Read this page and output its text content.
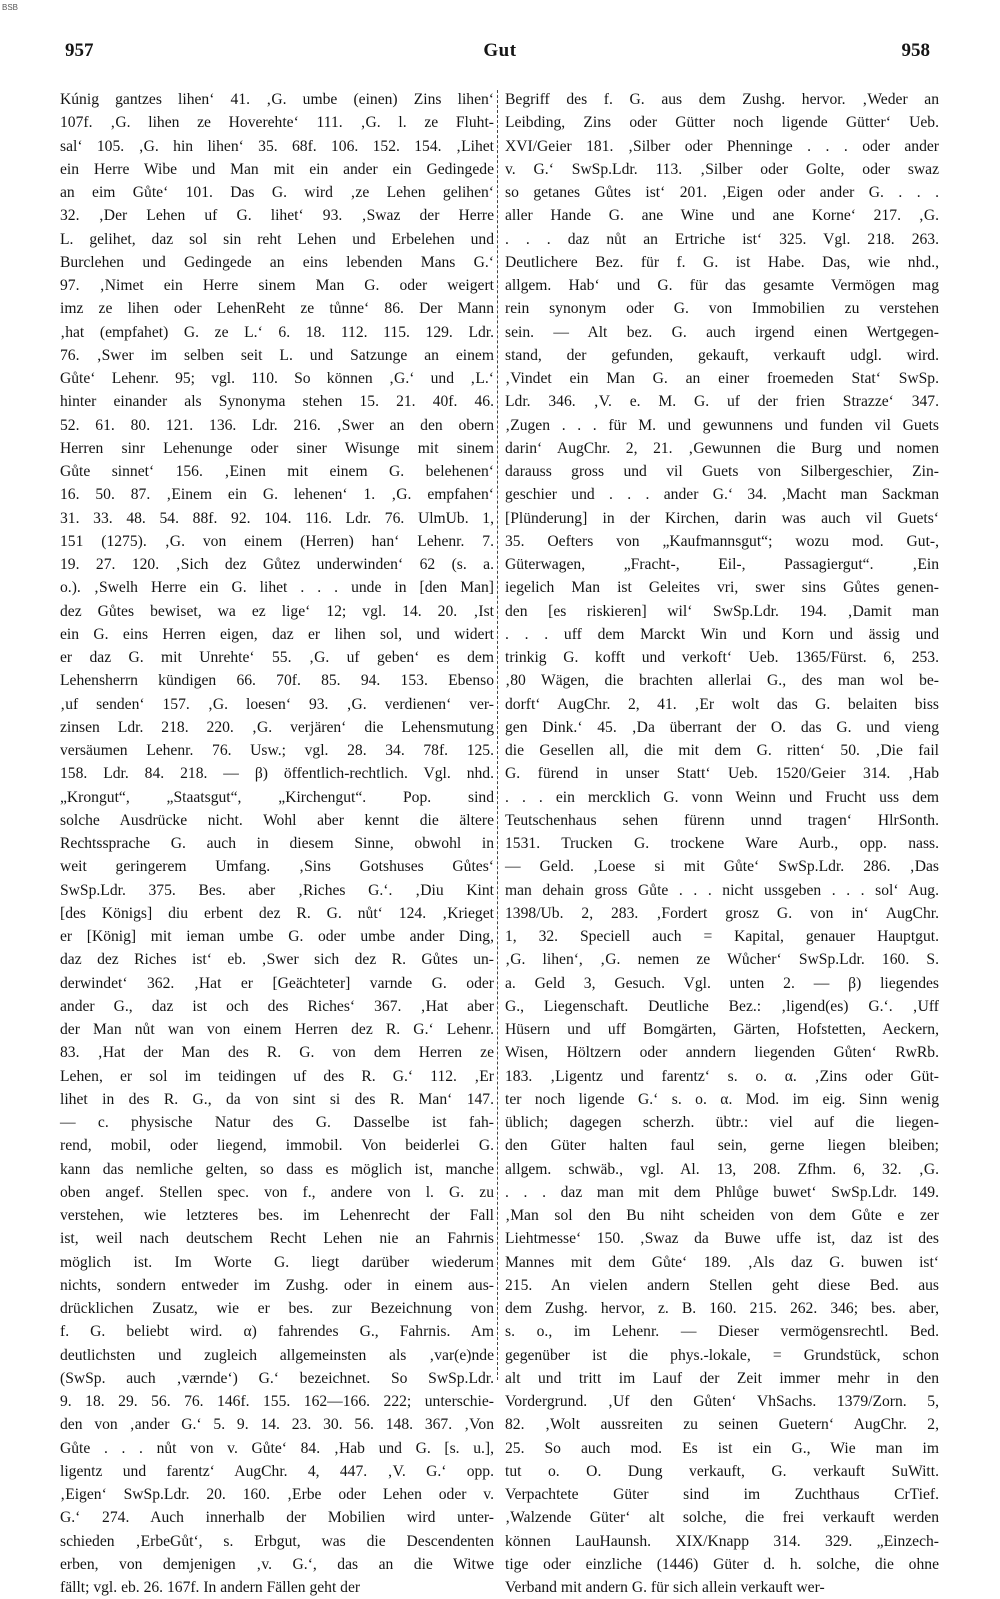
BSB
957	Gut	958
Kúnig gantzes lihen‘ 41. ‚G. umbe (einen) Zins lihen‘
107f. ‚G. lihen ze Hoverehte‘ 111. ‚G. l. ze Fluht-
sal‘ 105. ‚G. hin lihen‘ 35. 68f. 106. 152. 154. ‚Lihet
ein Herre Wibe und Man mit ein ander ein Gedingede
an eim Gůte‘ 101. Das G. wird ‚ze Lehen gelihen‘
32. ‚Der Lehen uf G. lihet‘ 93. ‚Swaz der Herre
L. gelihet, daz sol sin reht Lehen und Erbelehen und
Burclehen und Gedingede an eins lebenden Mans G.‘
97. ‚Nimet ein Herre sinem Man G. oder weigert
imz ze lihen oder LehenReht ze tůnne‘ 86. Der Mann
‚hat (empfahet) G. ze L.‘ 6. 18. 112. 115. 129. Ldr.
76. ‚Swer im selben seit L. und Satzunge an einem
Gůte‘ Lehenr. 95; vgl. 110. So können ‚G.‘ und ‚L.‘
hinter einander als Synonyma stehen 15. 21. 40f. 46.
52. 61. 80. 121. 136. Ldr. 216. ‚Swer an den obern
Herren sinr Lehenunge oder siner Wisunge mit sinem
Gůte sinnet‘ 156. ‚Einen mit einem G. belehenen‘
16. 50. 87. ‚Einem ein G. lehenen‘ 1. ‚G. empfahen‘
31. 33. 48. 54. 88f. 92. 104. 116. Ldr. 76. UlmUb. 1,
151 (1275). ‚G. von einem (Herren) han‘ Lehenr. 7.
19. 27. 120. ‚Sich dez Gůtez underwinden‘ 62 (s. a.
o.). ‚Swelh Herre ein G. lihet . . . unde in [den Man]
dez Gůtes bewiset, wa ez lige‘ 12; vgl. 14. 20. ‚Ist
ein G. eins Herren eigen, daz er lihen sol, und widert
er daz G. mit Unrehte‘ 55. ‚G. uf geben‘ es dem
Lehensherrn kündigen 66. 70f. 85. 94. 153. Ebenso
‚uf senden‘ 157. ‚G. loesen‘ 93. ‚G. verdienen‘ ver-
zinsen Ldr. 218. 220. ‚G. verjären‘ die Lehensmutung
versäumen Lehenr. 76. Usw.; vgl. 28. 34. 78f. 125.
158. Ldr. 84. 218. — β) öffentlich-rechtlich. Vgl. nhd.
„Krongut“, „Staatsgut“, „Kirchengut“. Pop. sind
solche Ausdrücke nicht. Wohl aber kennt die ältere
Rechtssprache G. auch in diesem Sinne, obwohl in
weit geringerem Umfang. ‚Sins Gotshuses Gůtes‘
SwSp.Ldr. 375. Bes. aber ‚Riches G.‘. ‚Diu Kint
[des Königs] diu erbent dez R. G. nůt‘ 124. ‚Krieget
er [König] mit ieman umbe G. oder umbe ander Ding,
daz dez Riches ist‘ eb. ‚Swer sich dez R. Gůtes un-
derwindet‘ 362. ‚Hat er [Geächteter] varnde G. oder
ander G., daz ist och des Riches‘ 367. ‚Hat aber
der Man nůt wan von einem Herren dez R. G.‘ Lehenr.
83. ‚Hat der Man des R. G. von dem Herren ze
Lehen, er sol im teidingen uf des R. G.‘ 112. ‚Er
lihet in des R. G., da von sint si des R. Man‘ 147.
— c. physische Natur des G. Dasselbe ist fah-
rend, mobil, oder liegend, immobil. Von beiderlei G.
kann das nemliche gelten, so dass es möglich ist, manche
oben angef. Stellen spec. von f., andere von l. G. zu
verstehen, wie letzteres bes. im Lehenrecht der Fall
ist, weil nach deutschem Recht Lehen nie an Fahrnis
möglich ist. Im Worte G. liegt darüber wiederum
nichts, sondern entweder im Zushg. oder in einem aus-
drücklichen Zusatz, wie er bes. zur Bezeichnung von
f. G. beliebt wird. α) fahrendes G., Fahrnis. Am
deutlichsten und zugleich allgemeinsten als ‚var(e)nde
(SwSp. auch ‚værnde‘) G.‘ bezeichnet. So SwSp.Ldr.
9. 18. 29. 56. 76. 146f. 155. 162—166. 222; unterschie-
den von ‚ander G.‘ 5. 9. 14. 23. 30. 56. 148. 367. ‚Von
Gůte . . . nůt von v. Gůte‘ 84. ‚Hab und G. [s. u.],
ligentz und farentz‘ AugChr. 4, 447. ‚V. G.‘ opp.
‚Eigen‘ SwSp.Ldr. 20. 160. ‚Erbe oder Lehen oder v.
G.‘ 274. Auch innerhalb der Mobilien wird unter-
schieden ‚ErbeGůt‘, s. Erbgut, was die Descendenten
erben, von demjenigen ‚v. G.‘, das an die Witwe
fällt; vgl. eb. 26. 167f. In andern Fällen geht der
Begriff des f. G. aus dem Zushg. hervor. ‚Weder an
Leibding, Zins oder Gütter noch ligende Gütter‘ Ueb.
XVI/Geier 181. ‚Silber oder Phenninge . . . oder ander
v. G.‘ SwSp.Ldr. 113. ‚Silber oder Golte, oder swaz
so getanes Gůtes ist‘ 201. ‚Eigen oder ander G. . . .
aller Hande G. ane Wine und ane Korne‘ 217. ‚G.
. . . daz nůt an Ertriche ist‘ 325. Vgl. 218. 263.
Deutlichere Bez. für f. G. ist Habe. Das, wie nhd.,
allgem. Hab‘ und G. für das gesamte Vermögen mag
rein synonym oder G. von Immobilien zu verstehen
sein. — Alt bez. G. auch irgend einen Wertgegen-
stand, der gefunden, gekauft, verkauft udgl. wird.
‚Vindet ein Man G. an einer froemeden Stat‘ SwSp.
Ldr. 346. ‚V. e. M. G. uf der frien Strazze‘ 347.
‚Zugen . . . für M. und gewunnens und funden vil Guets
darin‘ AugChr. 2, 21. ‚Gewunnen die Burg und nomen
darauss gross und vil Guets von Silbergeschier, Zin-
geschier und . . . ander G.‘ 34. ‚Macht man Sackman
[Plünderung] in der Kirchen, darin was auch vil Guets‘
35. Oefters von „Kaufmannsgut“; wozu mod. Gut-,
Güterwagen, „Fracht-, Eil-, Passagiergut“. ‚Ein
iegelich Man ist Geleites vri, swer sins Gůtes genen-
den [es riskieren] wil‘ SwSp.Ldr. 194. ‚Damit man
. . . uff dem Marckt Win und Korn und ässig und
trinkig G. kofft und verkoft‘ Ueb. 1365/Fürst. 6, 253.
‚80 Wägen, die brachten allerlai G., des man wol be-
dorft‘ AugChr. 2, 41. ‚Er wolt das G. belaiten biss
gen Dink.‘ 45. ‚Da überrant der O. das G. und vieng
die Gesellen all, die mit dem G. ritten‘ 50. ‚Die fail
G. fürend in unser Statt‘ Ueb. 1520/Geier 314. ‚Hab
. . . ein mercklich G. vonn Weinn und Frucht uss dem
Teutschenhaus sehen fürenn unnd tragen‘ HlrSonth.
1531. Trucken G. trockene Ware Aurb., opp. nass.
— Geld. ‚Loese si mit Gůte‘ SwSp.Ldr. 286. ‚Das
man dehain gross Gůte . . . nicht ussgeben . . . sol‘ Aug.
1398/Ub. 2, 283. ‚Fordert grosz G. von in‘ AugChr.
1, 32. Speciell auch = Kapital, genauer Hauptgut.
‚G. lihen‘, ‚G. nemen ze Wůcher‘ SwSp.Ldr. 160. S.
a. Geld 3, Gesuch. Vgl. unten 2. — β) liegendes
G., Liegenschaft. Deutliche Bez.: ‚ligend(es) G.‘. ‚Uff
Hüsern und uff Bomgärten, Gärten, Hofstetten, Aeckern,
Wisen, Höltzern oder anndern liegenden Gůten‘ RwRb.
183. ‚Ligentz und farentz‘ s. o. α. ‚Zins oder Güt-
ter noch ligende G.‘ s. o. α. Mod. im eig. Sinn wenig
üblich; dagegen scherzh. übtr.: viel auf die liegen-
den Güter halten faul sein, gerne liegen bleiben;
allgem. schwäb., vgl. Al. 13, 208. Zfhm. 6, 32. ‚G.
. . . daz man mit dem Phlůge buwet‘ SwSp.Ldr. 149.
‚Man sol den Bu niht scheiden von dem Gůte e zer
Liehtmesse‘ 150. ‚Swaz da Buwe uffe ist, daz ist des
Mannes mit dem Gůte‘ 189. ‚Als daz G. buwen ist‘
215. An vielen andern Stellen geht diese Bed. aus
dem Zushg. hervor, z. B. 160. 215. 262. 346; bes. aber,
s. o., im Lehenr. — Dieser vermögensrechtl. Bed.
gegenüber ist die phys.-lokale, = Grundstück, schon
alt und tritt im Lauf der Zeit immer mehr in den
Vordergrund. ‚Uf den Gůten‘ VhSachs. 1379/Zorn. 5,
82. ‚Wolt aussreiten zu seinen Guetern‘ AugChr. 2,
25. So auch mod. Es ist ein G., Wie man im
tut o. O. Dung verkauft, G. verkauft SuWitt.
Verpachtete Güter sind im Zuchthaus CrTief.
‚Walzende Güter‘ alt solche, die frei verkauft werden
können LauHaunsh. XIX/Knapp 314. 329. „Einzech-
tige oder einzliche (1446) Güter d. h. solche, die ohne
Verband mit andern G. für sich allein verkauft wer-
